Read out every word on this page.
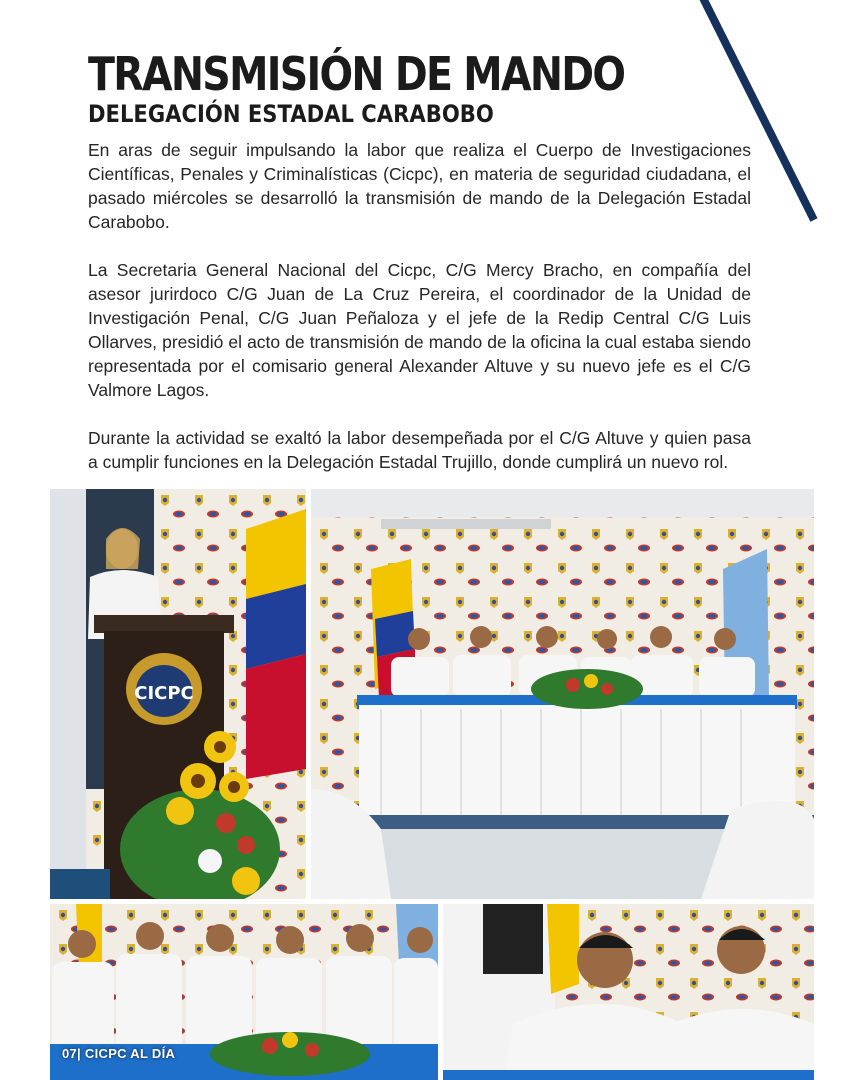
TRANSMISIÓN DE MANDO
DELEGACIÓN ESTADAL CARABOBO

En aras de seguir impulsando la labor que realiza el Cuerpo de Investigaciones Científicas, Penales y Criminalísticas (Cicpc), en materia de seguridad ciudadana, el pasado miércoles se desarrolló la transmisión de mando de la Delegación Estadal Carabobo.

La Secretaria General Nacional del Cicpc, C/G Mercy Bracho, en compañía del asesor jurirdoco C/G Juan de La Cruz Pereira, el coordinador de la Unidad de Investigación Penal, C/G Juan Peñaloza y el jefe de la Redip Central C/G Luis Ollarves, presidió el acto de transmisión de mando de la oficina la cual estaba siendo representada por el comisario general Alexander Altuve y su nuevo jefe es el C/G Valmore Lagos.

Durante la actividad se exaltó la labor desempeñada por el C/G Altuve y quien pasa a cumplir funciones en la Delegación Estadal Trujillo, donde cumplirá un nuevo rol.

CICPC
07| CICPC AL DÍA
